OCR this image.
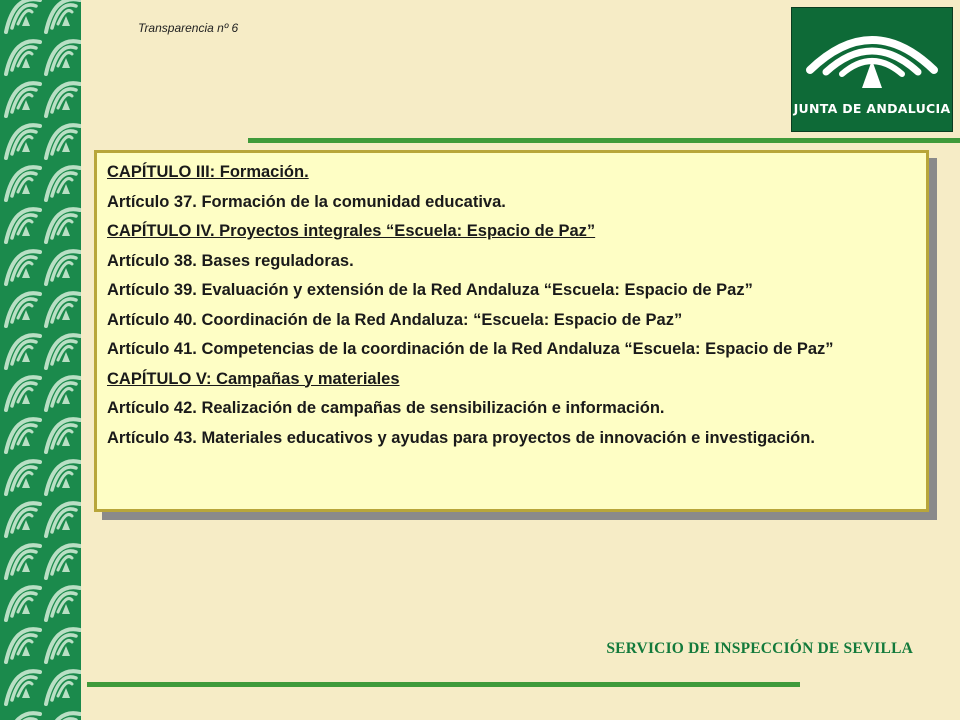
Transparencia nº 6
JUNTA DE ANDALUCIA

CAPÍTULO III: Formación.

Artículo 37. Formación de la comunidad educativa.

CAPÍTULO IV. Proyectos integrales “Escuela: Espacio de Paz”

Artículo 38. Bases reguladoras.

Artículo 39. Evaluación y extensión de la Red Andaluza “Escuela: Espacio de Paz”

Artículo 40. Coordinación de la Red Andaluza: “Escuela: Espacio de Paz”

Artículo 41. Competencias de la coordinación de la Red Andaluza “Escuela: Espacio de Paz”

CAPÍTULO V: Campañas y materiales

Artículo 42. Realización de campañas de sensibilización e información.

Artículo 43. Materiales educativos y ayudas para proyectos de innovación e investigación.

SERVICIO DE INSPECCIÓN DE SEVILLA
